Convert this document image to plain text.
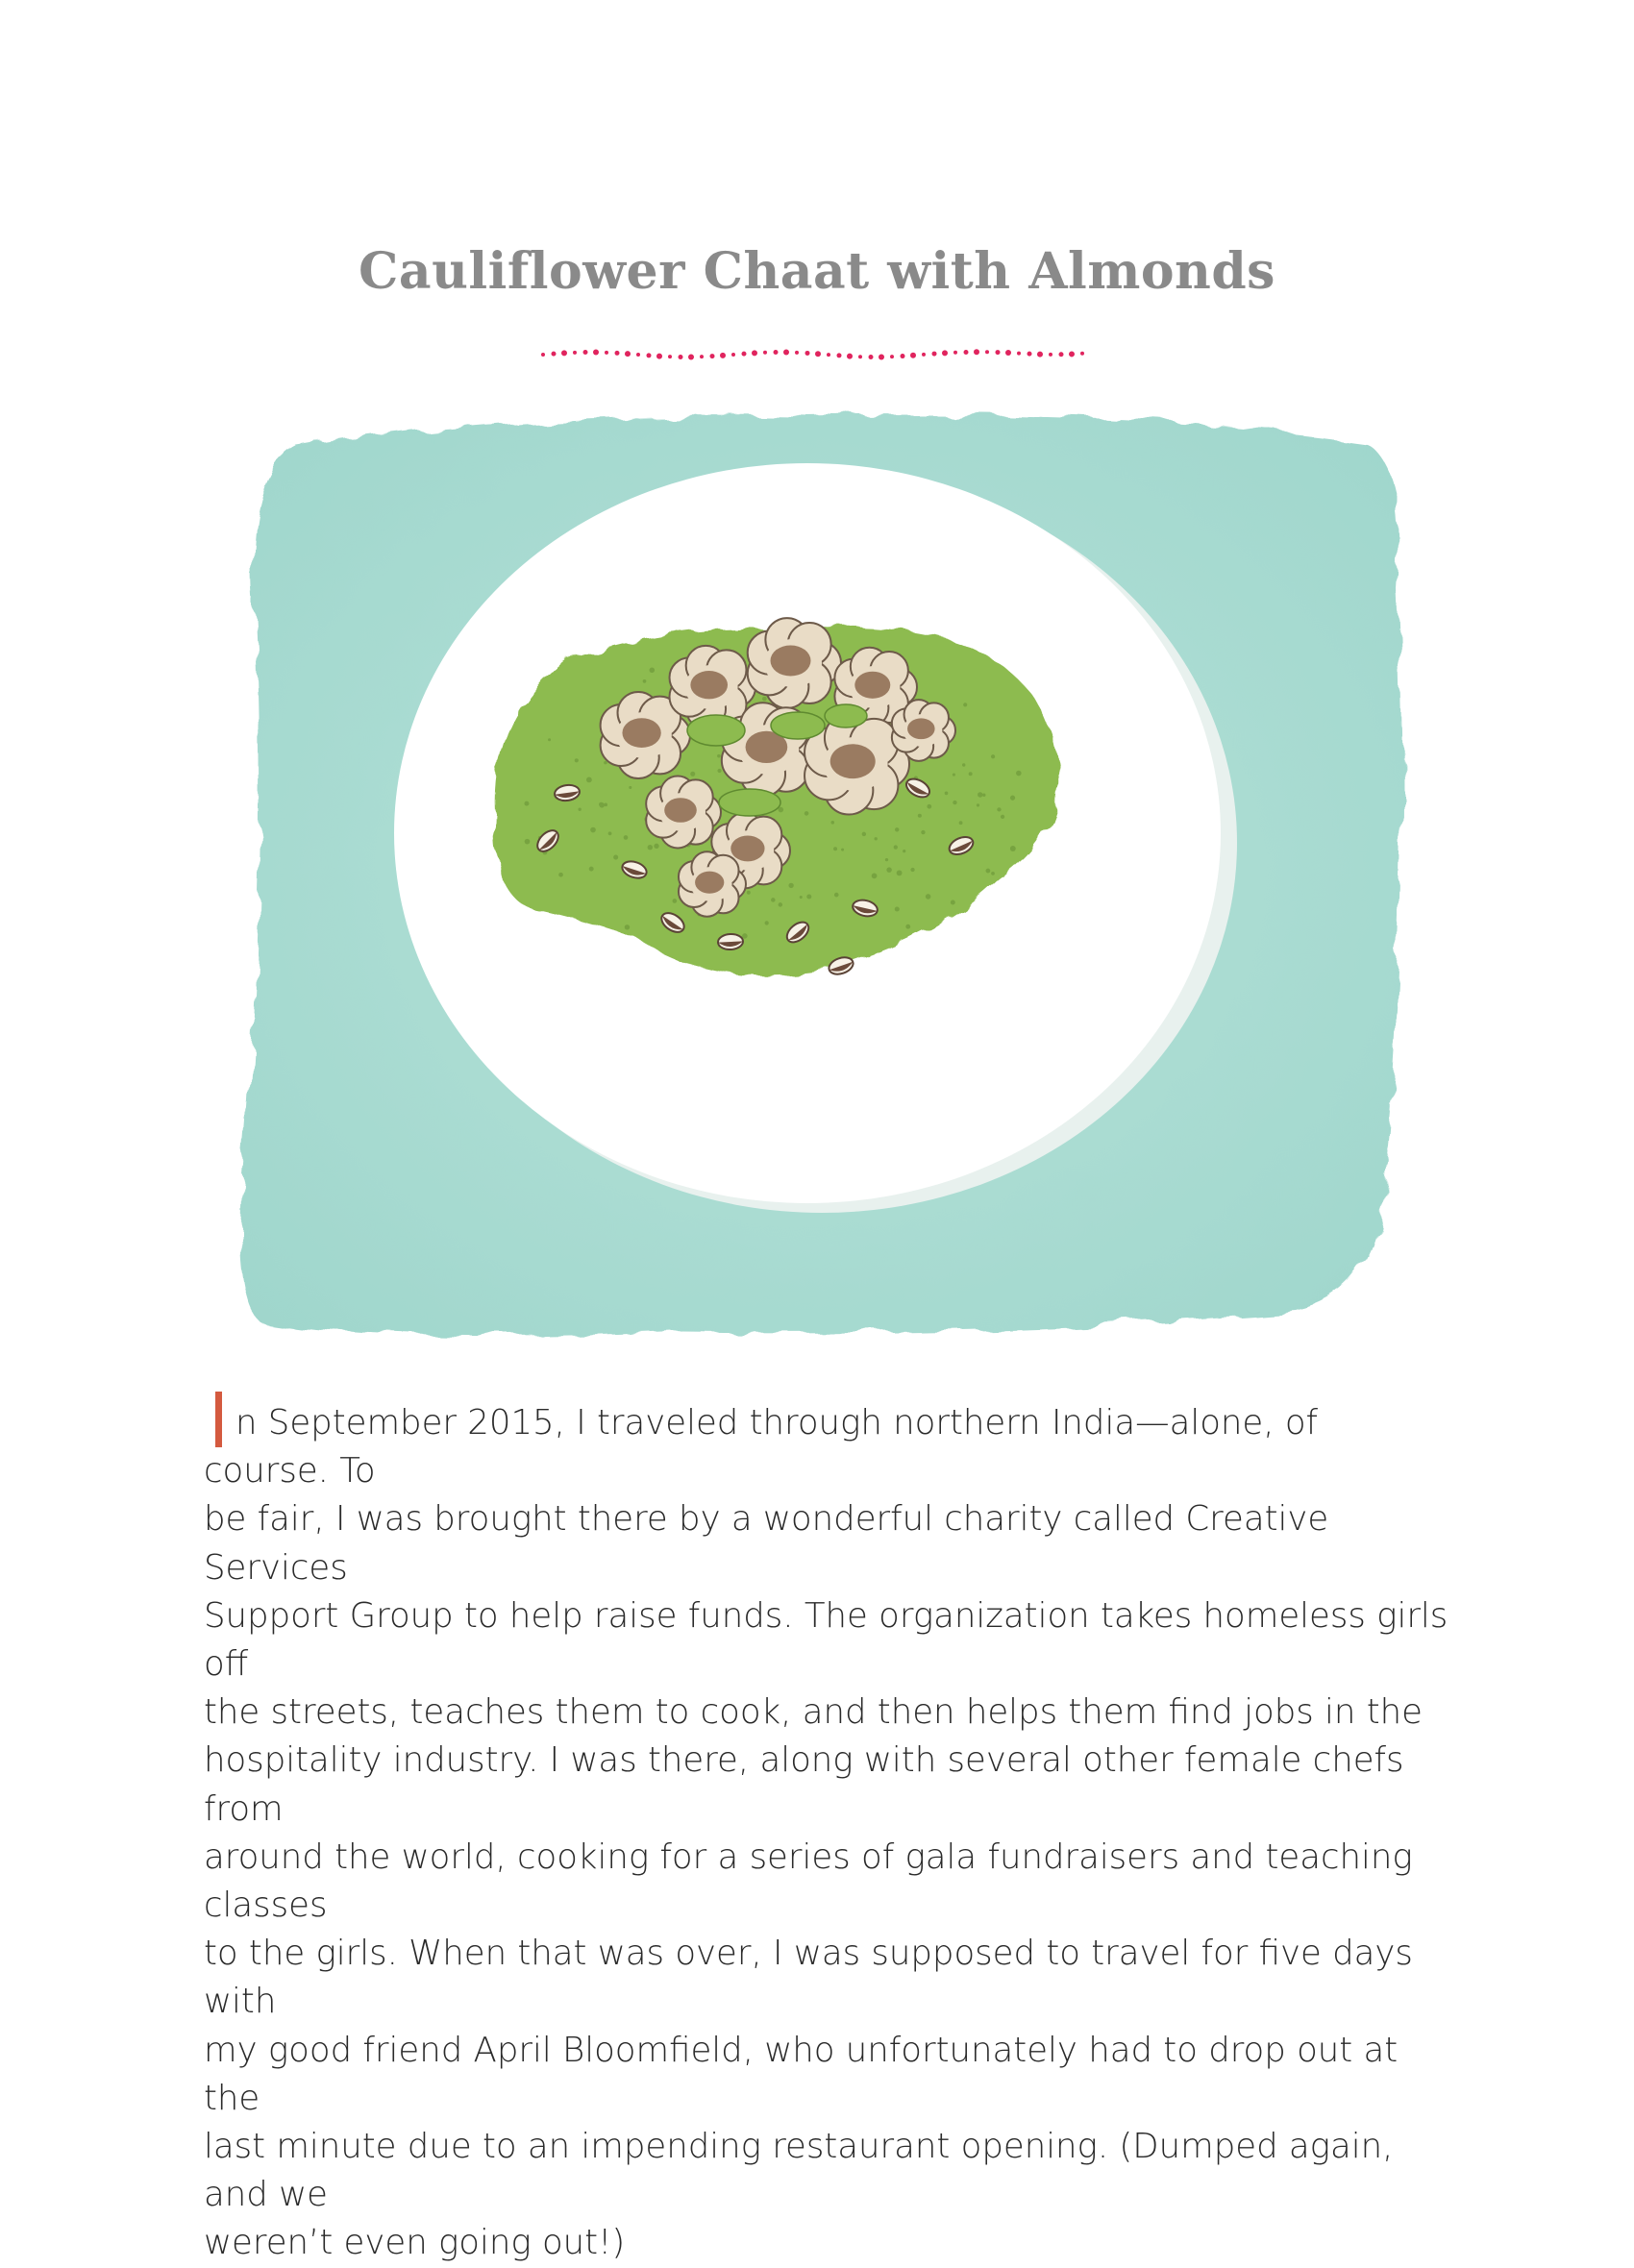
Cauliflower Chaat with Almonds

n September 2015, I traveled through northern India—alone, of course. To
be fair, I was brought there by a wonderful charity called Creative Services
Support Group to help raise funds. The organization takes homeless girls off
the streets, teaches them to cook, and then helps them find jobs in the
hospitality industry. I was there, along with several other female chefs from
around the world, cooking for a series of gala fundraisers and teaching classes
to the girls. When that was over, I was supposed to travel for five days with
my good friend April Bloomfield, who unfortunately had to drop out at the
last minute due to an impending restaurant opening. (Dumped again, and we
weren’t even going out!)
